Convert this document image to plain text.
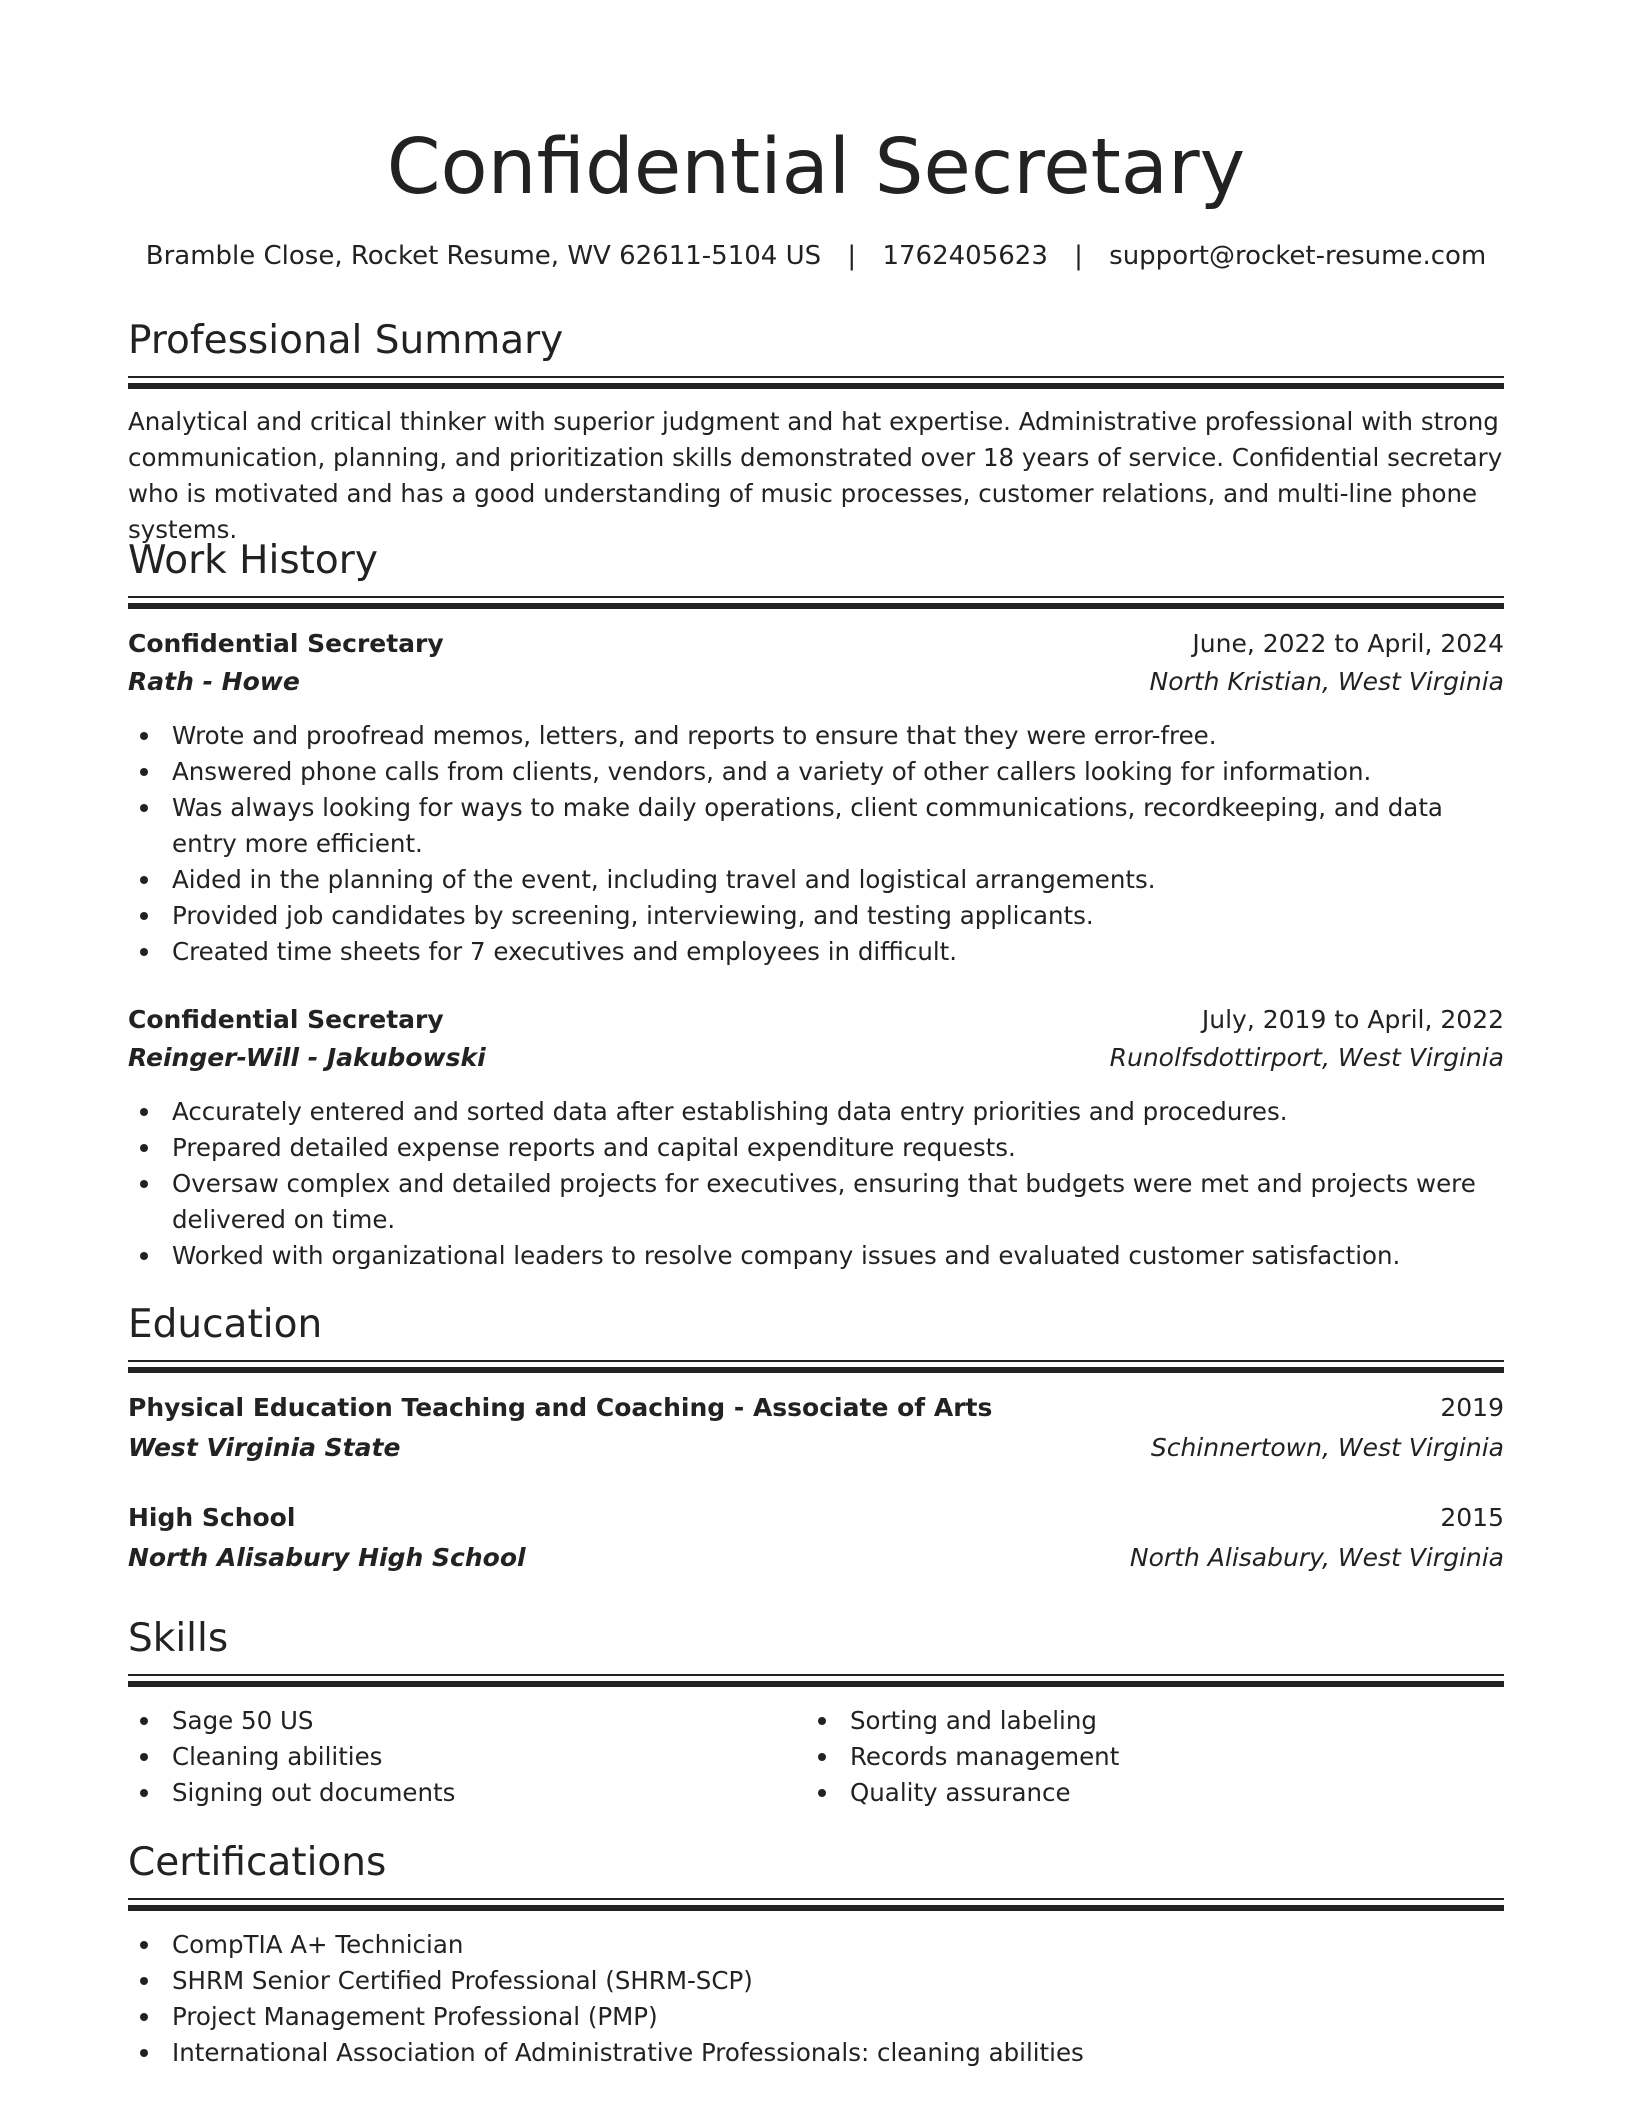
Confidential Secretary
Bramble Close, Rocket Resume, WV 62611-5104 US | 1762405623 | support@rocket-resume.com
Professional Summary

Analytical and critical thinker with superior judgment and hat expertise. Administrative professional with strong communication, planning, and prioritization skills demonstrated over 18 years of service. Confidential secretary who is motivated and has a good understanding of music processes, customer relations, and multi-line phone systems.

Work History
Confidential Secretary	June, 2022 to April, 2024
Rath - Howe	North Kristian, West Virginia
Wrote and proofread memos, letters, and reports to ensure that they were error-free.
Answered phone calls from clients, vendors, and a variety of other callers looking for information.
Was always looking for ways to make daily operations, client communications, recordkeeping, and data entry more efficient.
Aided in the planning of the event, including travel and logistical arrangements.
Provided job candidates by screening, interviewing, and testing applicants.
Created time sheets for 7 executives and employees in difficult.
Confidential Secretary	July, 2019 to April, 2022
Reinger-Will - Jakubowski	Runolfsdottirport, West Virginia
Accurately entered and sorted data after establishing data entry priorities and procedures.
Prepared detailed expense reports and capital expenditure requests.
Oversaw complex and detailed projects for executives, ensuring that budgets were met and projects were delivered on time.
Worked with organizational leaders to resolve company issues and evaluated customer satisfaction.
Education
Physical Education Teaching and Coaching - Associate of Arts	2019
West Virginia State	Schinnertown, West Virginia
High School	2015
North Alisabury High School	North Alisabury, West Virginia
Skills
Sage 50 US
Cleaning abilities
Signing out documents
Sorting and labeling
Records management
Quality assurance
Certifications
CompTIA A+ Technician
SHRM Senior Certified Professional (SHRM-SCP)
Project Management Professional (PMP)
International Association of Administrative Professionals: cleaning abilities
